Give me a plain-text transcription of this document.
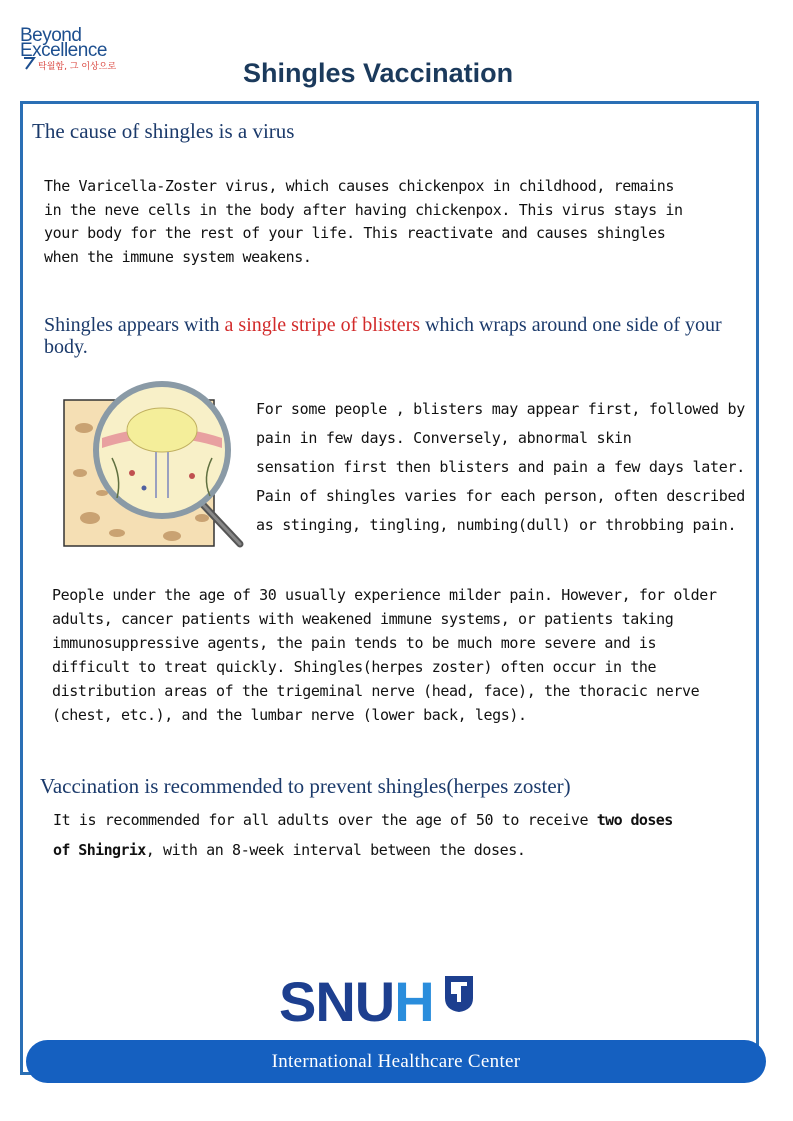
Beyond
Excellence
탁월함, 그 이상으로	Shingles Vaccination
The cause of shingles is a virus
The Varicella-Zoster virus, which causes chickenpox in childhood, remains
in the neve cells in the body after having chickenpox. This virus stays in
your body for the rest of your life. This reactivate and causes shingles
when the immune system weakens.
Shingles appears with a single stripe of blisters which wraps around one side of your body.
For some people , blisters may appear first, followed by
pain in few days. Conversely, abnormal skin
sensation first then blisters and pain a few days later.
Pain of shingles varies for each person, often described
as stinging, tingling, numbing(dull) or throbbing pain.
People under the age of 30 usually experience milder pain. However, for older
adults, cancer patients with weakened immune systems, or patients taking
immunosuppressive agents, the pain tends to be much more severe and is
difficult to treat quickly. Shingles(herpes zoster) often occur in the
distribution areas of the trigeminal nerve (head, face), the thoracic nerve
(chest, etc.), and the lumbar nerve (lower back, legs).
Vaccination is recommended to prevent shingles(herpes zoster)
It is recommended for all adults over the age of 50 to receive two doses
of Shingrix, with an 8-week interval between the doses.
SNUH
International Healthcare Center
